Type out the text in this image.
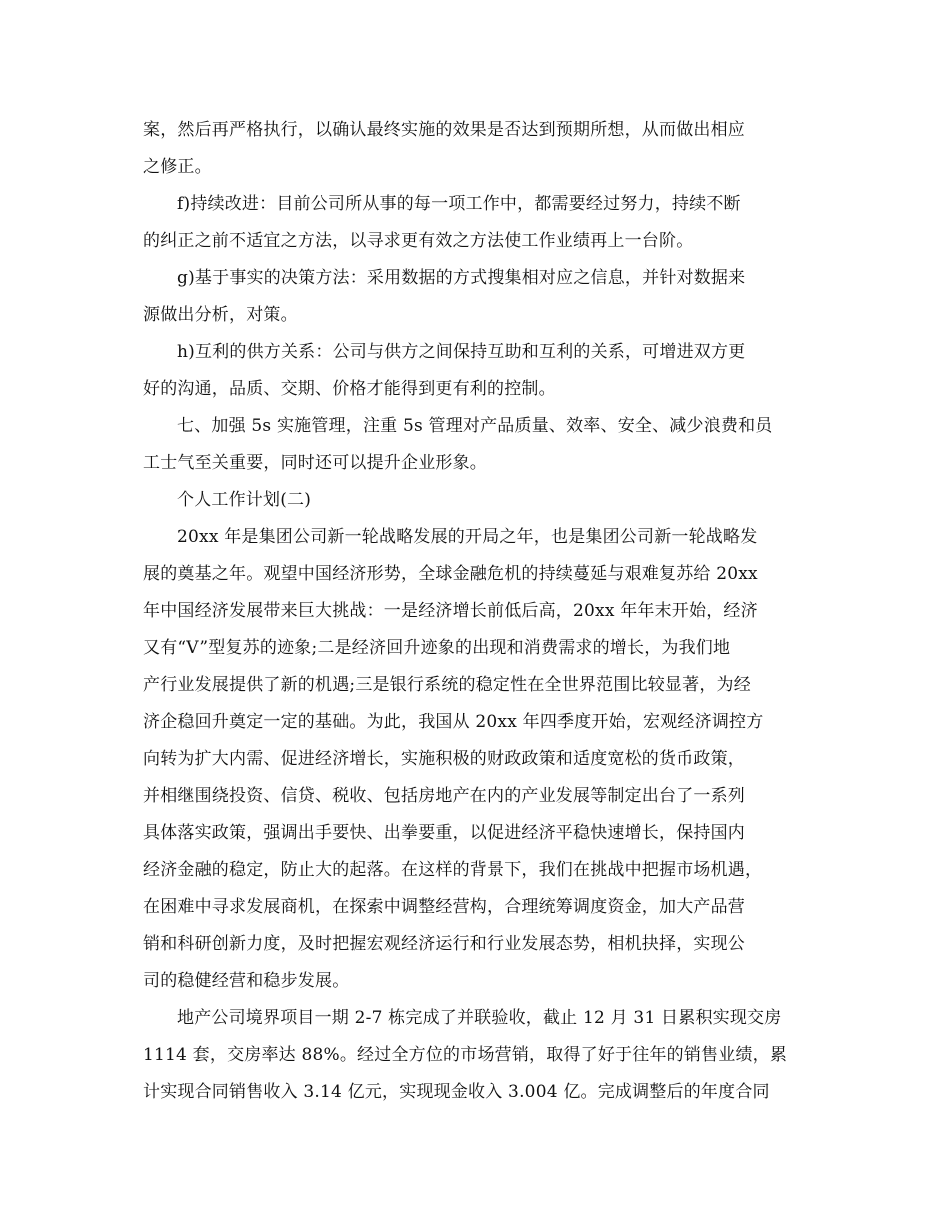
案，然后再严格执行，以确认最终实施的效果是否达到预期所想，从而做出相应
之修正。
f)持续改进：目前公司所从事的每一项工作中，都需要经过努力，持续不断
的纠正之前不适宜之方法，以寻求更有效之方法使工作业绩再上一台阶。
g)基于事实的决策方法：采用数据的方式搜集相对应之信息，并针对数据来
源做出分析，对策。
h)互利的供方关系：公司与供方之间保持互助和互利的关系，可增进双方更
好的沟通，品质、交期、价格才能得到更有利的控制。
七、加强 5s 实施管理，注重 5s 管理对产品质量、效率、安全、减少浪费和员
工士气至关重要，同时还可以提升企业形象。
个人工作计划(二)
20xx 年是集团公司新一轮战略发展的开局之年，也是集团公司新一轮战略发
展的奠基之年。观望中国经济形势，全球金融危机的持续蔓延与艰难复苏给 20xx
年中国经济发展带来巨大挑战：一是经济增长前低后高，20xx 年年末开始，经济
又有“V”型复苏的迹象;二是经济回升迹象的出现和消费需求的增长，为我们地
产行业发展提供了新的机遇;三是银行系统的稳定性在全世界范围比较显著，为经
济企稳回升奠定一定的基础。为此，我国从 20xx 年四季度开始，宏观经济调控方
向转为扩大内需、促进经济增长，实施积极的财政政策和适度宽松的货币政策，
并相继围绕投资、信贷、税收、包括房地产在内的产业发展等制定出台了一系列
具体落实政策，强调出手要快、出拳要重，以促进经济平稳快速增长，保持国内
经济金融的稳定，防止大的起落。在这样的背景下，我们在挑战中把握市场机遇，
在困难中寻求发展商机，在探索中调整经营构，合理统筹调度资金，加大产品营
销和科研创新力度，及时把握宏观经济运行和行业发展态势，相机抉择，实现公
司的稳健经营和稳步发展。
地产公司境界项目一期 2-7 栋完成了并联验收，截止 12 月 31 日累积实现交房
1114 套，交房率达 88%。经过全方位的市场营销，取得了好于往年的销售业绩，累
计实现合同销售收入 3.14 亿元，实现现金收入 3.004 亿。完成调整后的年度合同
